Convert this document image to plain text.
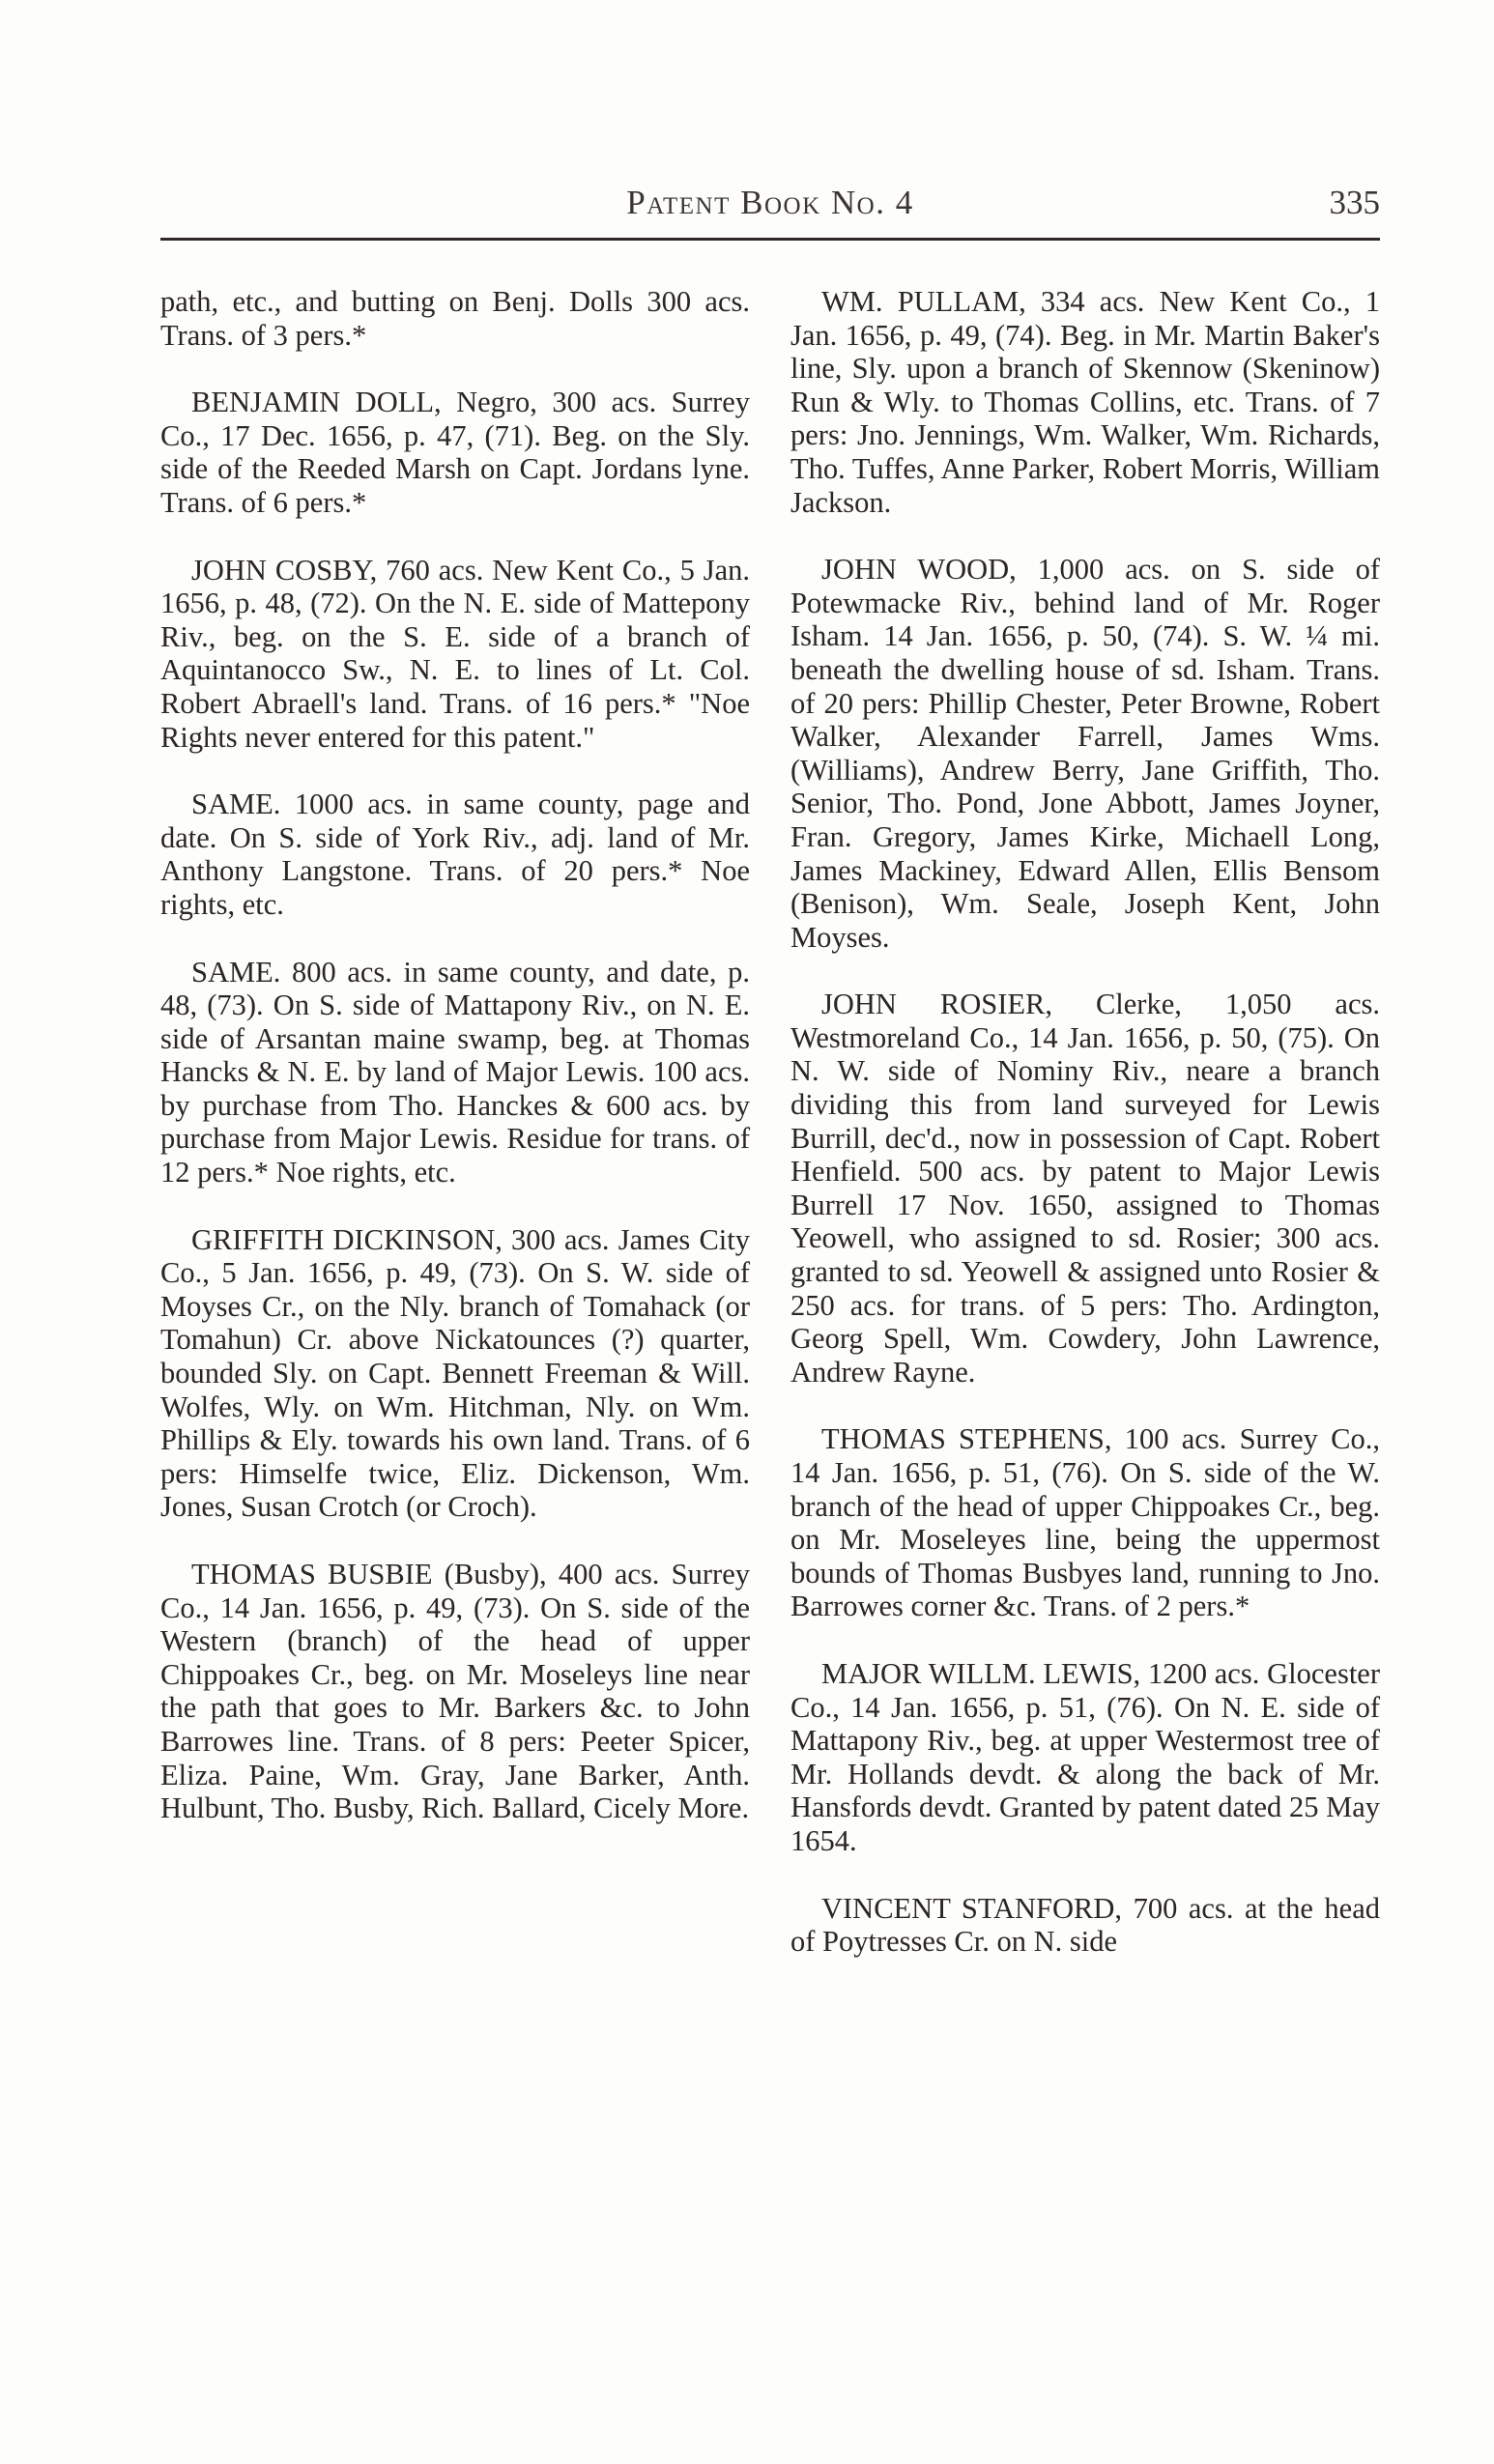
Patent Book No. 4	335

path, etc., and butting on Benj. Dolls 300 acs. Trans. of 3 pers.*

BENJAMIN DOLL, Negro, 300 acs. Surrey Co., 17 Dec. 1656, p. 47, (71). Beg. on the Sly. side of the Reeded Marsh on Capt. Jordans lyne. Trans. of 6 pers.*

JOHN COSBY, 760 acs. New Kent Co., 5 Jan. 1656, p. 48, (72). On the N. E. side of Mattepony Riv., beg. on the S. E. side of a branch of Aquintanocco Sw., N. E. to lines of Lt. Col. Robert Abraell's land. Trans. of 16 pers.* "Noe Rights never entered for this patent."

SAME. 1000 acs. in same county, page and date. On S. side of York Riv., adj. land of Mr. Anthony Langstone. Trans. of 20 pers.* Noe rights, etc.

SAME. 800 acs. in same county, and date, p. 48, (73). On S. side of Mattapony Riv., on N. E. side of Arsantan maine swamp, beg. at Thomas Hancks & N. E. by land of Major Lewis. 100 acs. by purchase from Tho. Hanckes & 600 acs. by purchase from Major Lewis. Residue for trans. of 12 pers.* Noe rights, etc.

GRIFFITH DICKINSON, 300 acs. James City Co., 5 Jan. 1656, p. 49, (73). On S. W. side of Moyses Cr., on the Nly. branch of Tomahack (or Tomahun) Cr. above Nickatounces (?) quarter, bounded Sly. on Capt. Bennett Freeman & Will. Wolfes, Wly. on Wm. Hitchman, Nly. on Wm. Phillips & Ely. towards his own land. Trans. of 6 pers: Himselfe twice, Eliz. Dickenson, Wm. Jones, Susan Crotch (or Croch).

THOMAS BUSBIE (Busby), 400 acs. Surrey Co., 14 Jan. 1656, p. 49, (73). On S. side of the Western (branch) of the head of upper Chippoakes Cr., beg. on Mr. Moseleys line near the path that goes to Mr. Barkers &c. to John Barrowes line. Trans. of 8 pers: Peeter Spicer, Eliza. Paine, Wm. Gray, Jane Barker, Anth. Hulbunt, Tho. Busby, Rich. Ballard, Cicely More.

WM. PULLAM, 334 acs. New Kent Co., 1 Jan. 1656, p. 49, (74). Beg. in Mr. Martin Baker's line, Sly. upon a branch of Skennow (Skeninow) Run & Wly. to Thomas Collins, etc. Trans. of 7 pers: Jno. Jennings, Wm. Walker, Wm. Richards, Tho. Tuffes, Anne Parker, Robert Morris, William Jackson.

JOHN WOOD, 1,000 acs. on S. side of Potewmacke Riv., behind land of Mr. Roger Isham. 14 Jan. 1656, p. 50, (74). S. W. ¼ mi. beneath the dwelling house of sd. Isham. Trans. of 20 pers: Phillip Chester, Peter Browne, Robert Walker, Alexander Farrell, James Wms. (Williams), Andrew Berry, Jane Griffith, Tho. Senior, Tho. Pond, Jone Abbott, James Joyner, Fran. Gregory, James Kirke, Michaell Long, James Mackiney, Edward Allen, Ellis Bensom (Benison), Wm. Seale, Joseph Kent, John Moyses.

JOHN ROSIER, Clerke, 1,050 acs. Westmoreland Co., 14 Jan. 1656, p. 50, (75). On N. W. side of Nominy Riv., neare a branch dividing this from land surveyed for Lewis Burrill, dec'd., now in possession of Capt. Robert Henfield. 500 acs. by patent to Major Lewis Burrell 17 Nov. 1650, assigned to Thomas Yeowell, who assigned to sd. Rosier; 300 acs. granted to sd. Yeowell & assigned unto Rosier & 250 acs. for trans. of 5 pers: Tho. Ardington, Georg Spell, Wm. Cowdery, John Lawrence, Andrew Rayne.

THOMAS STEPHENS, 100 acs. Surrey Co., 14 Jan. 1656, p. 51, (76). On S. side of the W. branch of the head of upper Chippoakes Cr., beg. on Mr. Moseleyes line, being the uppermost bounds of Thomas Busbyes land, running to Jno. Barrowes corner &c. Trans. of 2 pers.*

MAJOR WILLM. LEWIS, 1200 acs. Glocester Co., 14 Jan. 1656, p. 51, (76). On N. E. side of Mattapony Riv., beg. at upper Westermost tree of Mr. Hollands devdt. & along the back of Mr. Hansfords devdt. Granted by patent dated 25 May 1654.

VINCENT STANFORD, 700 acs. at the head of Poytresses Cr. on N. side
